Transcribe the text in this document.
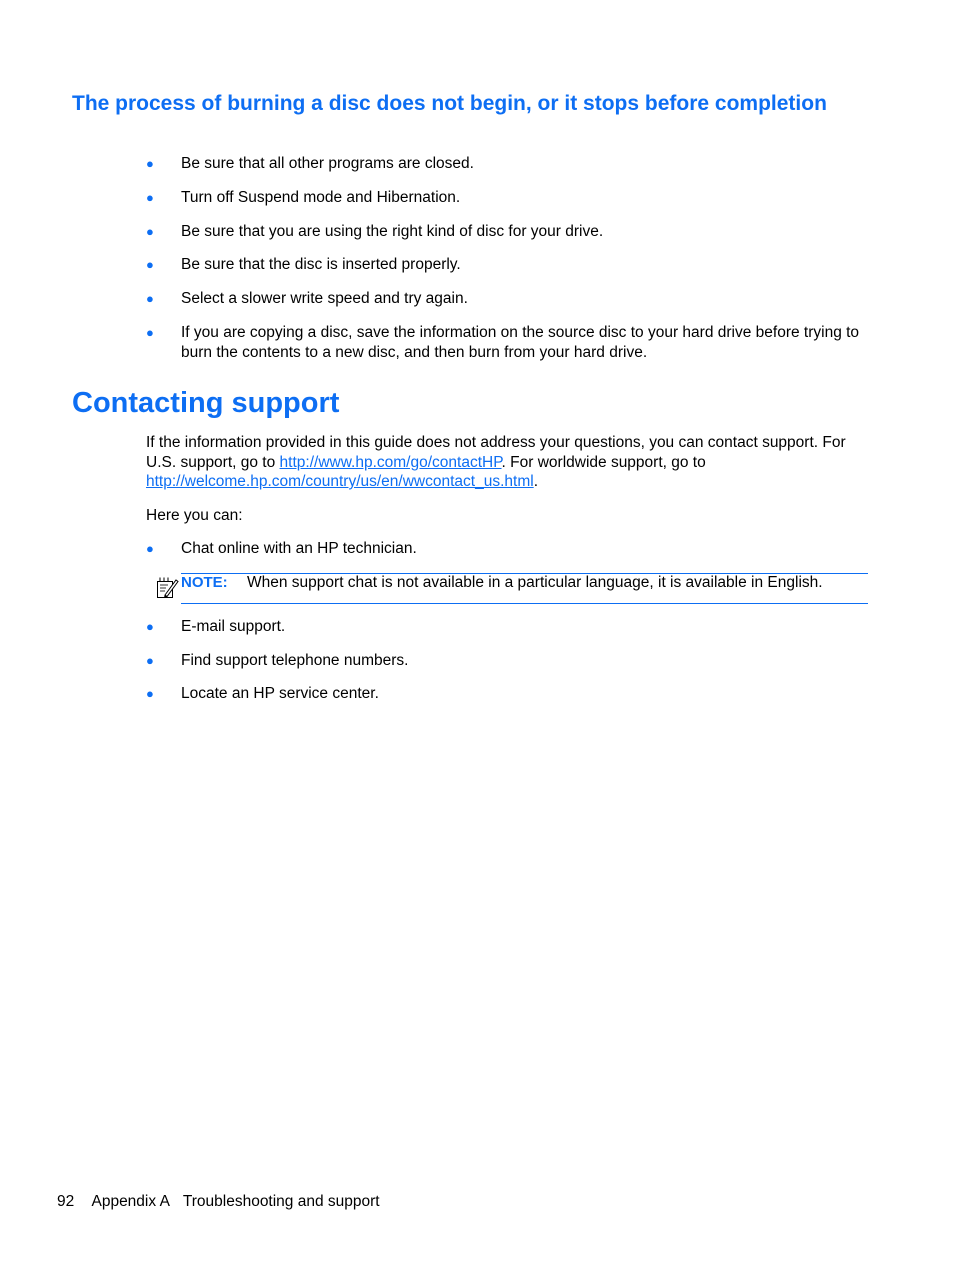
The process of burning a disc does not begin, or it stops before completion
● Be sure that all other programs are closed.
● Turn off Suspend mode and Hibernation.
● Be sure that you are using the right kind of disc for your drive.
● Be sure that the disc is inserted properly.
● Select a slower write speed and try again.
● If you are copying a disc, save the information on the source disc to your hard drive before trying to burn the contents to a new disc, and then burn from your hard drive.
Contacting support
If the information provided in this guide does not address your questions, you can contact support. For U.S. support, go to http://www.hp.com/go/contactHP. For worldwide support, go to http://welcome.hp.com/country/us/en/wwcontact_us.html.
Here you can:
● Chat online with an HP technician.
NOTE: When support chat is not available in a particular language, it is available in English.
● E-mail support.
● Find support telephone numbers.
● Locate an HP service center.
92 Appendix A Troubleshooting and support
